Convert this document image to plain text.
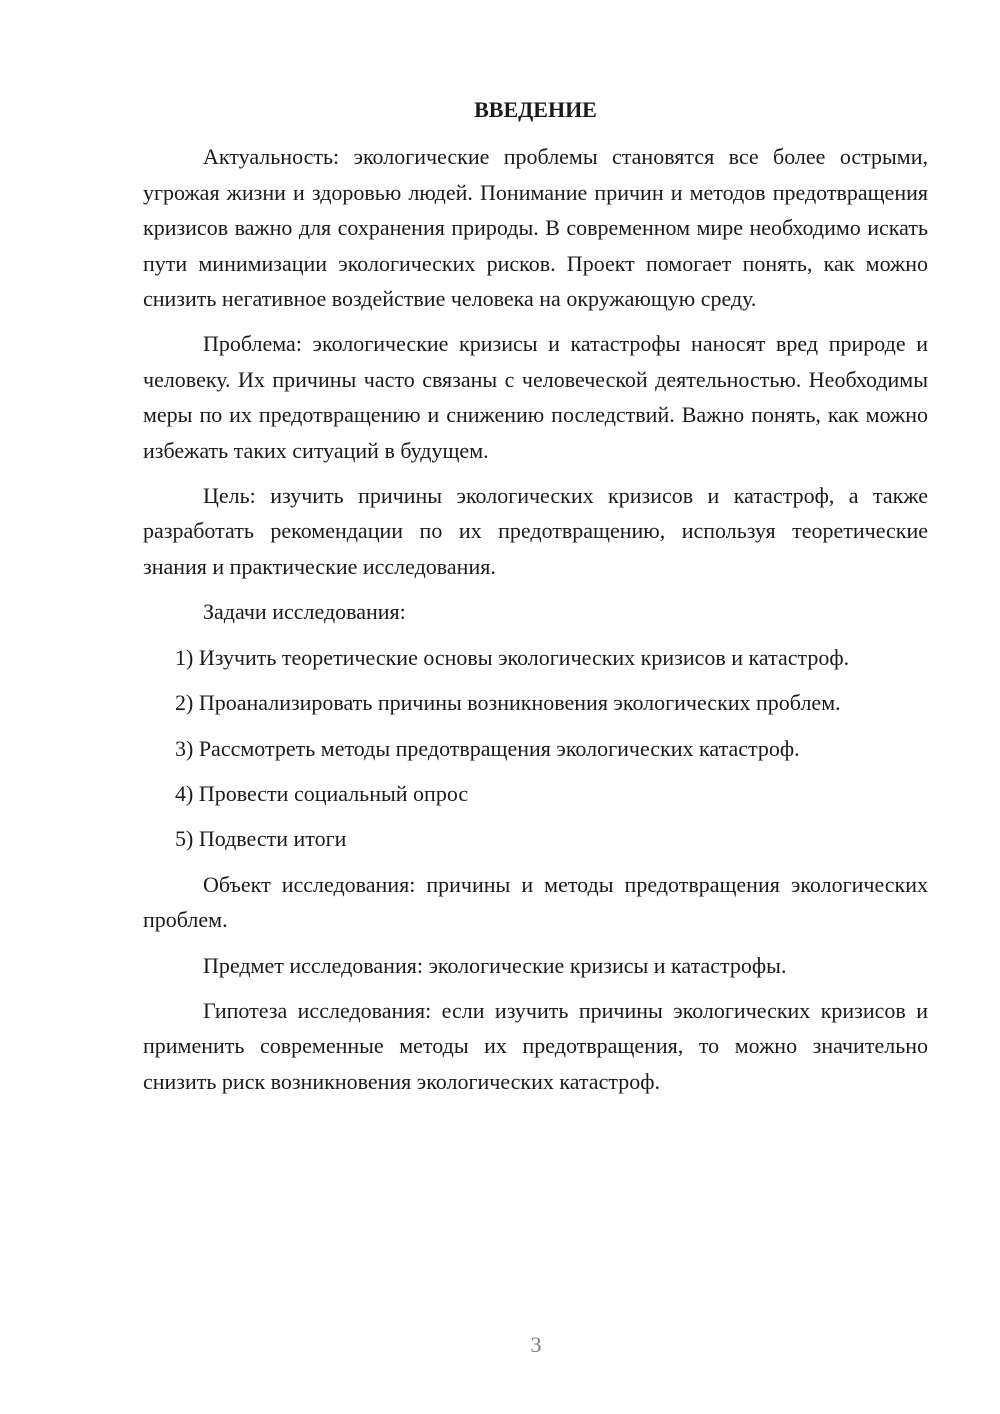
ВВЕДЕНИЕ

Актуальность: экологические проблемы становятся все более острыми, угрожая жизни и здоровью людей. Понимание причин и методов предотвращения кризисов важно для сохранения природы. В современном мире необходимо искать пути минимизации экологических рисков. Проект помогает понять, как можно снизить негативное воздействие человека на окружающую среду.

Проблема: экологические кризисы и катастрофы наносят вред природе и человеку. Их причины часто связаны с человеческой деятельностью. Необходимы меры по их предотвращению и снижению последствий. Важно понять, как можно избежать таких ситуаций в будущем.

Цель: изучить причины экологических кризисов и катастроф, а также разработать рекомендации по их предотвращению, используя теоретические знания и практические исследования.

Задачи исследования:

1) Изучить теоретические основы экологических кризисов и катастроф.

2) Проанализировать причины возникновения экологических проблем.

3) Рассмотреть методы предотвращения экологических катастроф.

4) Провести социальный опрос

5) Подвести итоги

Объект исследования: причины и методы предотвращения экологических проблем.

Предмет исследования: экологические кризисы и катастрофы.

Гипотеза исследования: если изучить причины экологических кризисов и применить современные методы их предотвращения, то можно значительно снизить риск возникновения экологических катастроф.

3
